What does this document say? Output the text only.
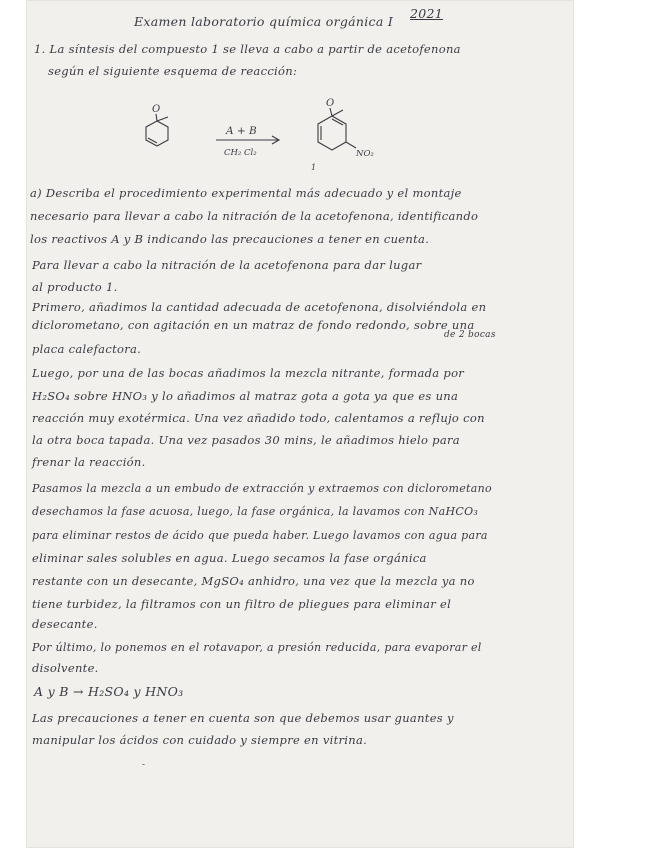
Examen laboratorio química orgánica I
2021
1. La síntesis del compuesto 1 se lleva a cabo a partir de acetofenona
según el siguiente esquema de reacción:
O
A + B
CH₂ Cl₂
O
NO₂
1
a) Describa el procedimiento experimental más adecuado y el montaje
necesario para llevar a cabo la nitración de la acetofenona, identificando
los reactivos A y B indicando las precauciones a tener en cuenta.
Para llevar a cabo la nitración de la acetofenona para dar lugar
al producto 1.
Primero, añadimos la cantidad adecuada de acetofenona, disolviéndola en
diclorometano, con agitación en un matraz de fondo redondo, sobre una
de 2 bocas
placa calefactora.
Luego, por una de las bocas añadimos la mezcla nitrante, formada por
H₂SO₄ sobre HNO₃ y lo añadimos al matraz gota a gota ya que es una
reacción muy exotérmica. Una vez añadido todo, calentamos a reflujo con
la otra boca tapada. Una vez pasados 30 mins, le añadimos hielo para
frenar la reacción.
Pasamos la mezcla a un embudo de extracción y extraemos con diclorometano
desechamos la fase acuosa, luego, la fase orgánica, la lavamos con NaHCO₃
para eliminar restos de ácido que pueda haber. Luego lavamos con agua para
eliminar sales solubles en agua. Luego secamos la fase orgánica
restante con un desecante, MgSO₄ anhidro, una vez que la mezcla ya no
tiene turbidez, la filtramos con un filtro de pliegues para eliminar el
desecante.
Por último, lo ponemos en el rotavapor, a presión reducida, para evaporar el
disolvente.
A y B → H₂SO₄ y HNO₃
Las precauciones a tener en cuenta son que debemos usar guantes y
manipular los ácidos con cuidado y siempre en vitrina.
-
